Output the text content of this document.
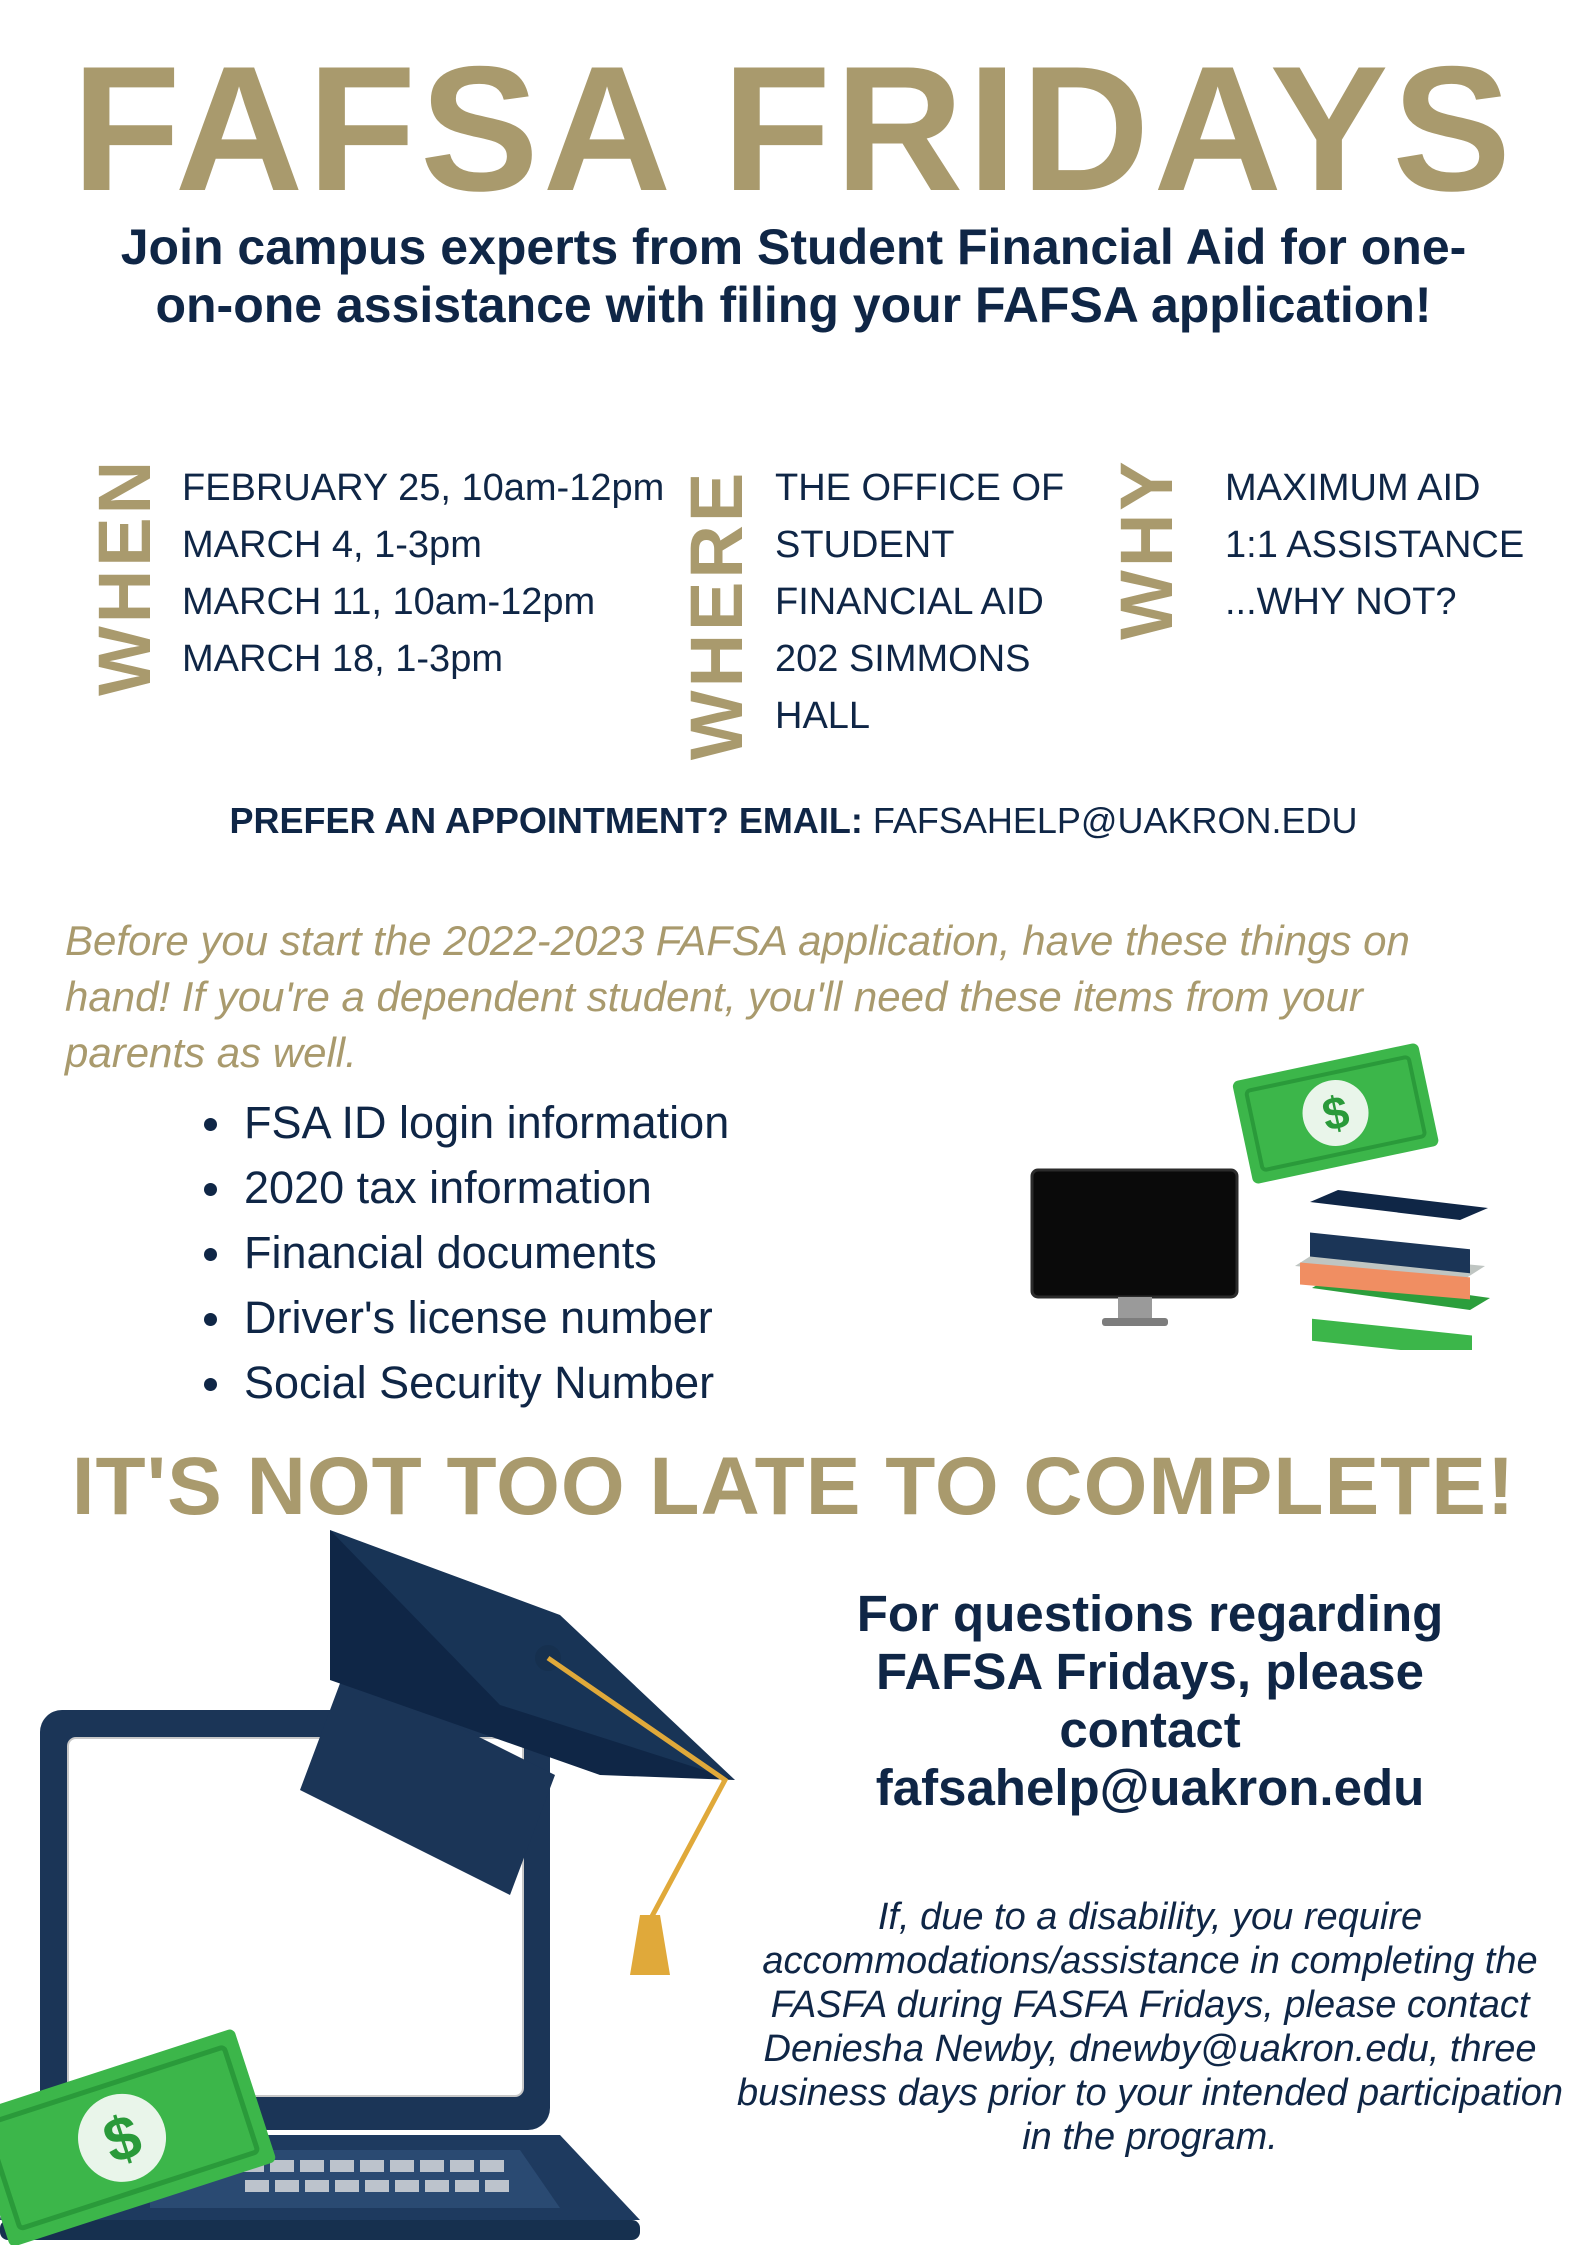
FAFSA FRIDAYS
Join campus experts from Student Financial Aid for one-on-one assistance with filing your FAFSA application!
WHEN FEBRUARY 25, 10am-12pm
MARCH 4, 1-3pm
MARCH 11, 10am-12pm
MARCH 18, 1-3pm	WHERE THE OFFICE OF
STUDENT
FINANCIAL AID
202 SIMMONS
HALL
WHY MAXIMUM AID
1:1 ASSISTANCE
...WHY NOT?
PREFER AN APPOINTMENT? EMAIL: FAFSAHELP@UAKRON.EDU
Before you start the 2022-2023 FAFSA application, have these things on hand! If you're a dependent student, you'll need these items from your parents as well.
FSA ID login information
2020 tax information
Financial documents
Driver's license number
Social Security Number
$
IT'S NOT TOO LATE TO COMPLETE!
$
For questions regarding FAFSA Fridays, please contact fafsahelp@uakron.edu
If, due to a disability, you require accommodations/assistance in completing the FASFA during FASFA Fridays, please contact Deniesha Newby, dnewby@uakron.edu, three business days prior to your intended participation in the program.
